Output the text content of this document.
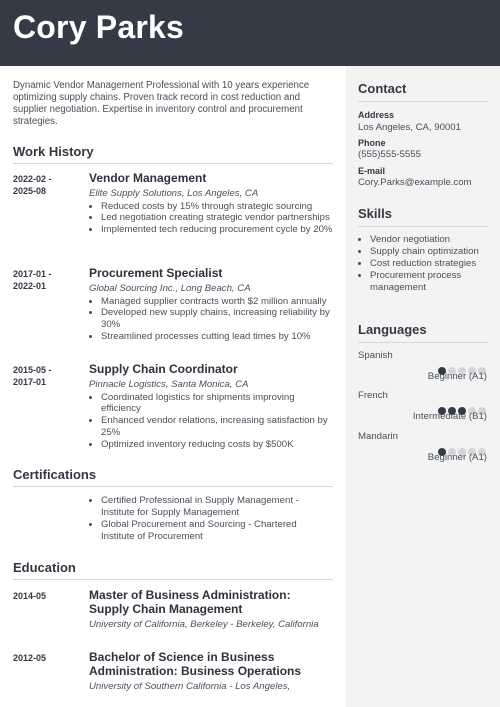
Cory Parks
Contact
Address
Los Angeles, CA, 90001
Phone
(555)555-5555
E-mail
Cory.Parks@example.com
Skills
• Vendor negotiation
• Supply chain optimization
• Cost reduction strategies
• Procurement process management
Languages
Spanish
Beginner (A1)
French
Intermediate (B1)
Mandarin
Beginner (A1)
Dynamic Vendor Management Professional with 10 years experience optimizing supply chains. Proven track record in cost reduction and supplier negotiation. Expertise in inventory control and procurement strategies.
Work History
2022-02 -
2025-08
Vendor Management
Elite Supply Solutions, Los Angeles, CA
• Reduced costs by 15% through strategic sourcing
• Led negotiation creating strategic vendor partnerships
• Implemented tech reducing procurement cycle by 20%
2017-01 -
2022-01
Procurement Specialist
Global Sourcing Inc., Long Beach, CA
• Managed supplier contracts worth $2 million annually
• Developed new supply chains, increasing reliability by 30%
• Streamlined processes cutting lead times by 10%
2015-05 -
2017-01
Supply Chain Coordinator
Pinnacle Logistics, Santa Monica, CA
• Coordinated logistics for shipments improving efficiency
• Enhanced vendor relations, increasing satisfaction by 25%
• Optimized inventory reducing costs by $500K
Certifications
• Certified Professional in Supply Management - Institute for Supply Management
• Global Procurement and Sourcing - Chartered Institute of Procurement
Education
2014-05	Master of Business Administration: Supply Chain Management
University of California, Berkeley - Berkeley, California
2012-05	Bachelor of Science in Business Administration: Business Operations
University of Southern California - Los Angeles,
